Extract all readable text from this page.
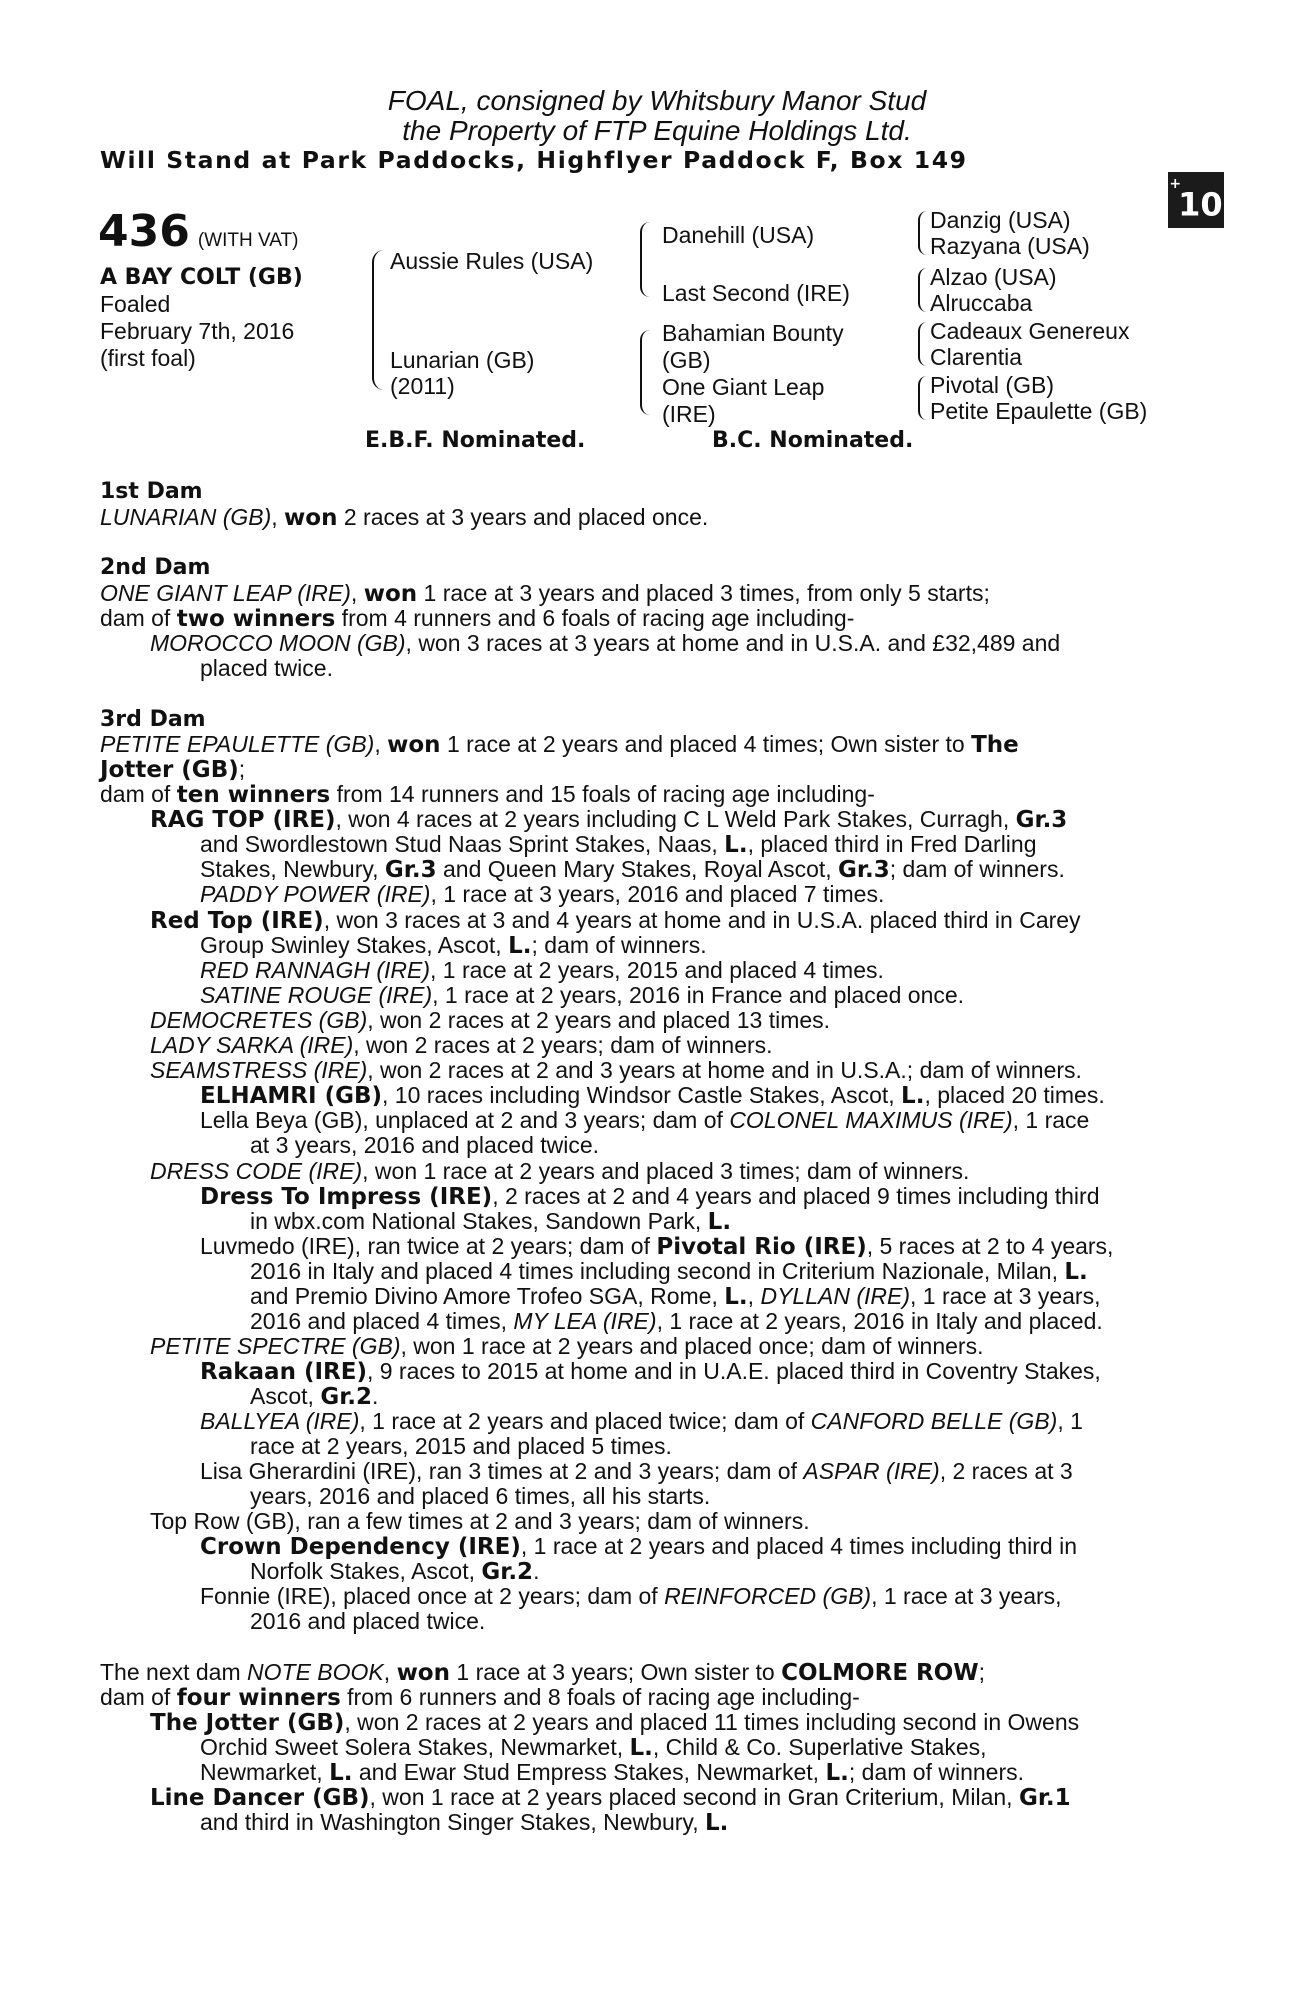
FOAL, consigned by Whitsbury Manor Stud
the Property of FTP Equine Holdings Ltd.
Will Stand at Park Paddocks, Highflyer Paddock F, Box 149
+10
436 (WITH VAT)
A BAY COLT (GB)
Foaled
February 7th, 2016
(first foal)
Aussie Rules (USA)
Lunarian (GB)
(2011)
Danehill (USA)
Last Second (IRE)
Bahamian Bounty
(GB)
One Giant Leap
(IRE)
Danzig (USA)
Razyana (USA)
Alzao (USA)
Alruccaba
Cadeaux Genereux
Clarentia
Pivotal (GB)
Petite Epaulette (GB)
E.B.F. Nominated.	B.C. Nominated.
1st Dam
LUNARIAN (GB), won 2 races at 3 years and placed once.
2nd Dam
ONE GIANT LEAP (IRE), won 1 race at 3 years and placed 3 times, from only 5 starts;
dam of two winners from 4 runners and 6 foals of racing age including-
MOROCCO MOON (GB), won 3 races at 3 years at home and in U.S.A. and £32,489 and
placed twice.
3rd Dam
PETITE EPAULETTE (GB), won 1 race at 2 years and placed 4 times; Own sister to The
Jotter (GB);
dam of ten winners from 14 runners and 15 foals of racing age including-
RAG TOP (IRE), won 4 races at 2 years including C L Weld Park Stakes, Curragh, Gr.3
and Swordlestown Stud Naas Sprint Stakes, Naas, L., placed third in Fred Darling
Stakes, Newbury, Gr.3 and Queen Mary Stakes, Royal Ascot, Gr.3; dam of winners.
PADDY POWER (IRE), 1 race at 3 years, 2016 and placed 7 times.
Red Top (IRE), won 3 races at 3 and 4 years at home and in U.S.A. placed third in Carey
Group Swinley Stakes, Ascot, L.; dam of winners.
RED RANNAGH (IRE), 1 race at 2 years, 2015 and placed 4 times.
SATINE ROUGE (IRE), 1 race at 2 years, 2016 in France and placed once.
DEMOCRETES (GB), won 2 races at 2 years and placed 13 times.
LADY SARKA (IRE), won 2 races at 2 years; dam of winners.
SEAMSTRESS (IRE), won 2 races at 2 and 3 years at home and in U.S.A.; dam of winners.
ELHAMRI (GB), 10 races including Windsor Castle Stakes, Ascot, L., placed 20 times.
Lella Beya (GB), unplaced at 2 and 3 years; dam of COLONEL MAXIMUS (IRE), 1 race
at 3 years, 2016 and placed twice.
DRESS CODE (IRE), won 1 race at 2 years and placed 3 times; dam of winners.
Dress To Impress (IRE), 2 races at 2 and 4 years and placed 9 times including third
in wbx.com National Stakes, Sandown Park, L.
Luvmedo (IRE), ran twice at 2 years; dam of Pivotal Rio (IRE), 5 races at 2 to 4 years,
2016 in Italy and placed 4 times including second in Criterium Nazionale, Milan, L.
and Premio Divino Amore Trofeo SGA, Rome, L., DYLLAN (IRE), 1 race at 3 years,
2016 and placed 4 times, MY LEA (IRE), 1 race at 2 years, 2016 in Italy and placed.
PETITE SPECTRE (GB), won 1 race at 2 years and placed once; dam of winners.
Rakaan (IRE), 9 races to 2015 at home and in U.A.E. placed third in Coventry Stakes,
Ascot, Gr.2.
BALLYEA (IRE), 1 race at 2 years and placed twice; dam of CANFORD BELLE (GB), 1
race at 2 years, 2015 and placed 5 times.
Lisa Gherardini (IRE), ran 3 times at 2 and 3 years; dam of ASPAR (IRE), 2 races at 3
years, 2016 and placed 6 times, all his starts.
Top Row (GB), ran a few times at 2 and 3 years; dam of winners.
Crown Dependency (IRE), 1 race at 2 years and placed 4 times including third in
Norfolk Stakes, Ascot, Gr.2.
Fonnie (IRE), placed once at 2 years; dam of REINFORCED (GB), 1 race at 3 years,
2016 and placed twice.
The next dam NOTE BOOK, won 1 race at 3 years; Own sister to COLMORE ROW;
dam of four winners from 6 runners and 8 foals of racing age including-
The Jotter (GB), won 2 races at 2 years and placed 11 times including second in Owens
Orchid Sweet Solera Stakes, Newmarket, L., Child & Co. Superlative Stakes,
Newmarket, L. and Ewar Stud Empress Stakes, Newmarket, L.; dam of winners.
Line Dancer (GB), won 1 race at 2 years placed second in Gran Criterium, Milan, Gr.1
and third in Washington Singer Stakes, Newbury, L.
